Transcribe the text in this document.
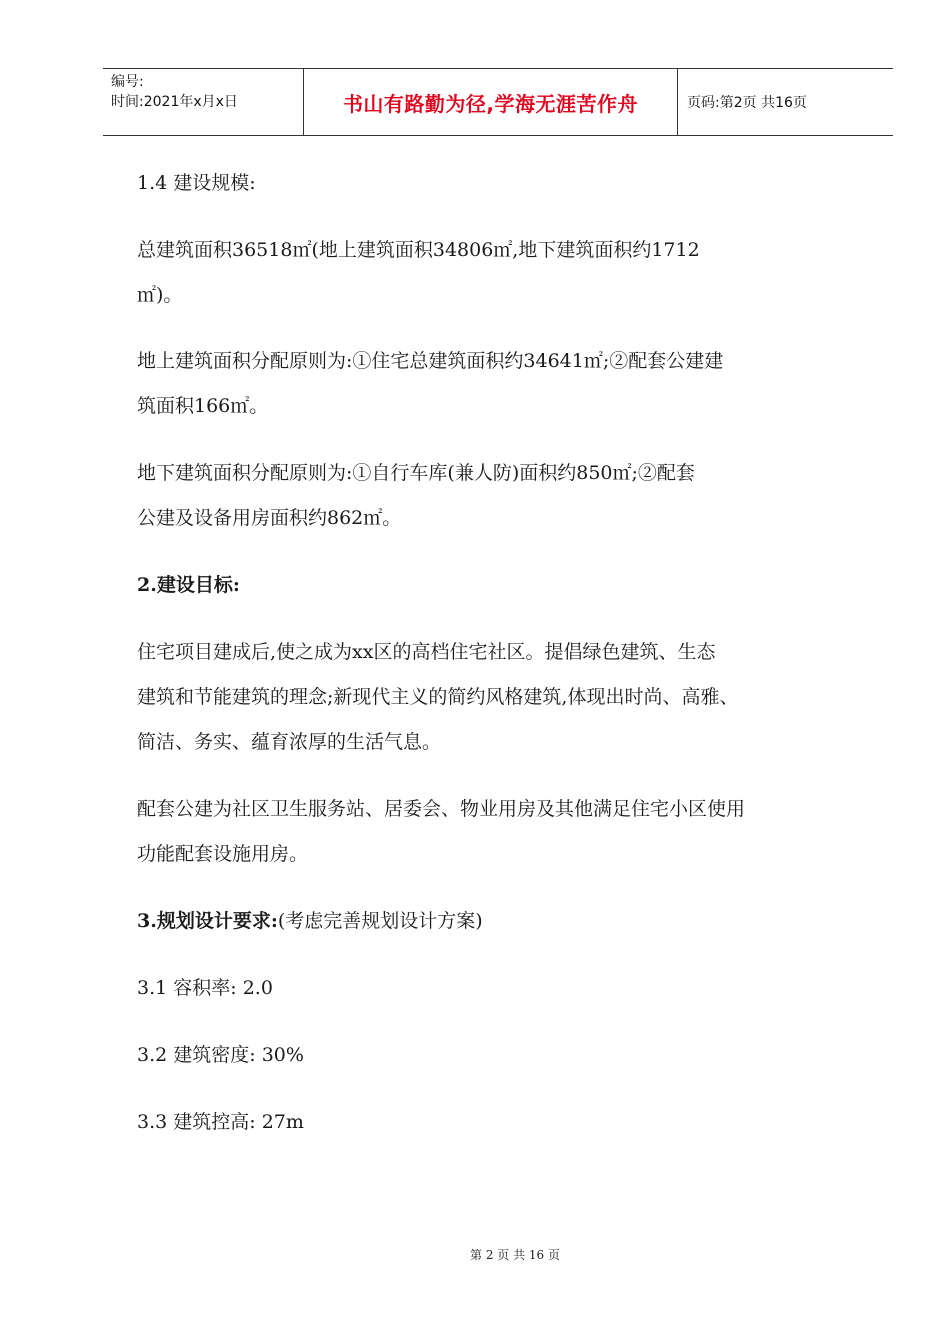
编号:
时间:2021年x月x日	书山有路勤为径,学海无涯苦作舟	页码:第2页 共16页
1.4 建设规模:
总建筑面积36518㎡(地上建筑面积34806㎡,地下建筑面积约1712
㎡)。
地上建筑面积分配原则为:①住宅总建筑面积约34641㎡;②配套公建建
筑面积166㎡。
地下建筑面积分配原则为:①自行车库(兼人防)面积约850㎡;②配套
公建及设备用房面积约862㎡。
2.建设目标:
住宅项目建成后,使之成为xx区的高档住宅社区。提倡绿色建筑、生态
建筑和节能建筑的理念;新现代主义的简约风格建筑,体现出时尚、高雅、
简洁、务实、蕴育浓厚的生活气息。
配套公建为社区卫生服务站、居委会、物业用房及其他满足住宅小区使用
功能配套设施用房。
3.规划设计要求:(考虑完善规划设计方案)
3.1 容积率: 2.0
3.2 建筑密度: 30%
3.3 建筑控高: 27m
第 2 页 共 16 页
